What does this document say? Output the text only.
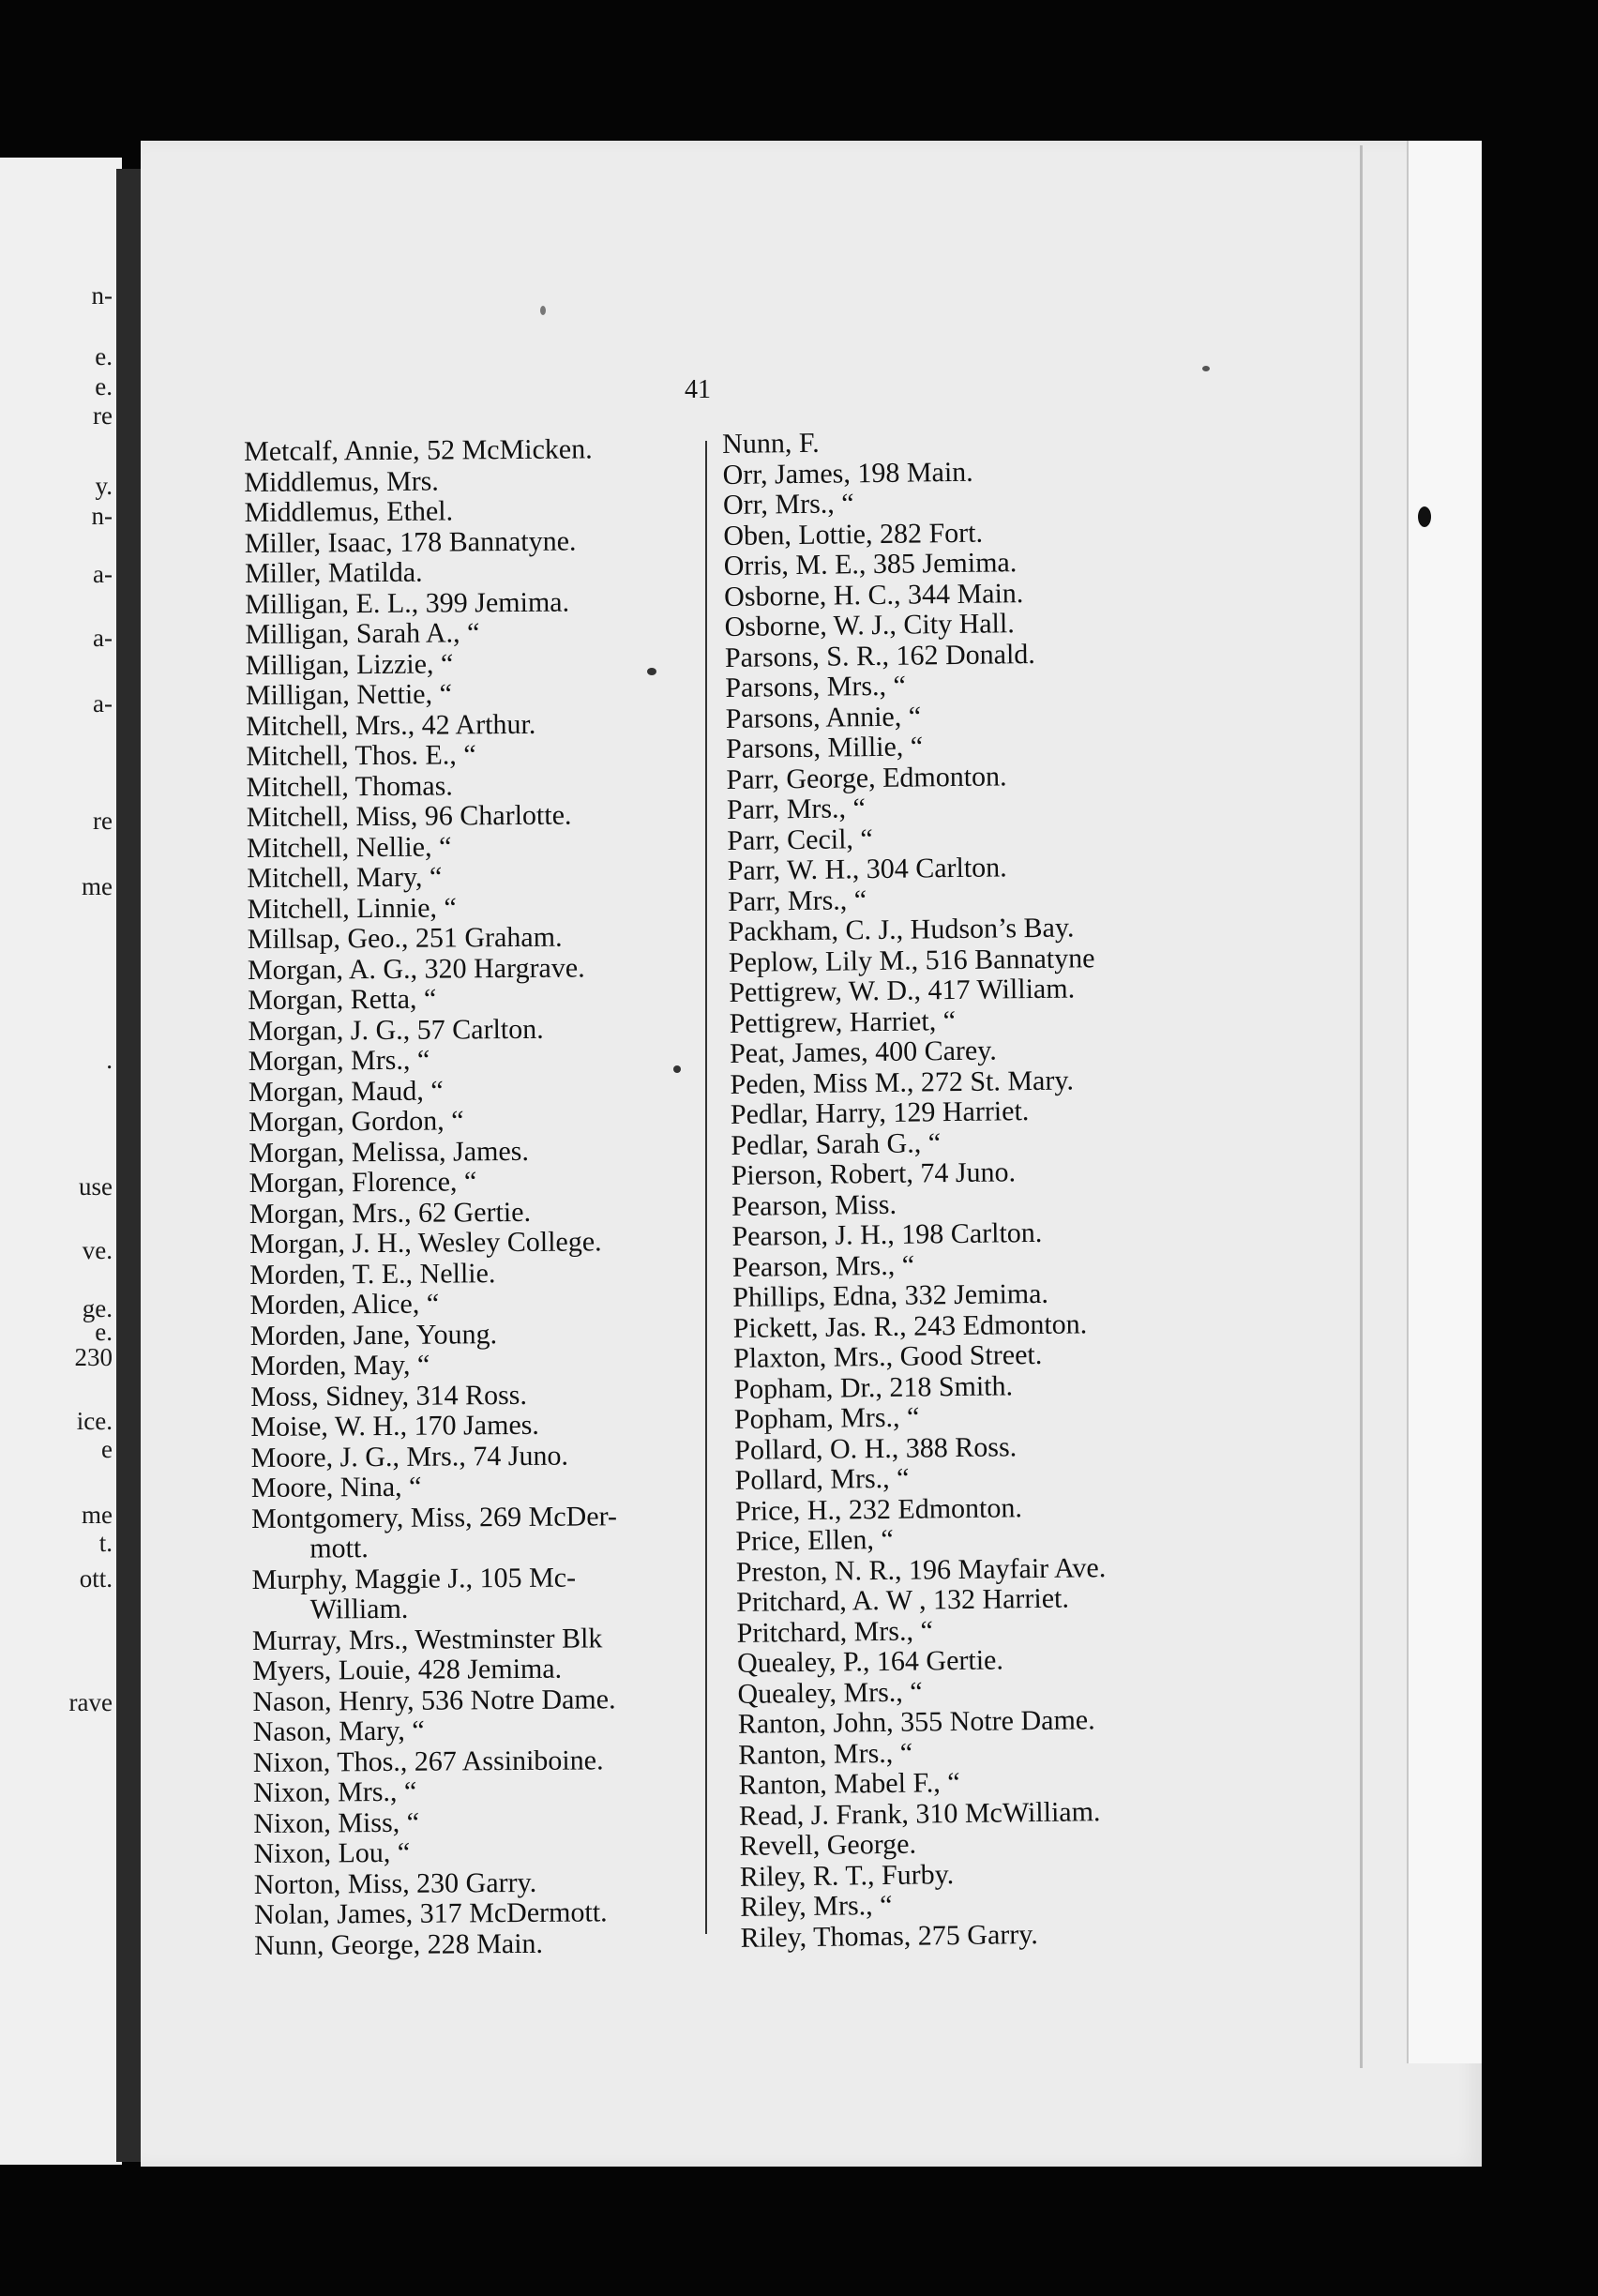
n-
e.
e.
re
y.
n-
a-
a-
a-
re
me
.
use
ve.
ge.
e.
230
ice.
e
me
t.
ott.
rave
41
Metcalf, Annie, 52 McMicken.
Middlemus, Mrs.
Middlemus, Ethel.
Miller, Isaac, 178 Bannatyne.
Miller, Matilda.
Milligan, E. L., 399 Jemima.
Milligan, Sarah A., “
Milligan, Lizzie, “
Milligan, Nettie, “
Mitchell, Mrs., 42 Arthur.
Mitchell, Thos. E., “
Mitchell, Thomas.
Mitchell, Miss, 96 Charlotte.
Mitchell, Nellie, “
Mitchell, Mary, “
Mitchell, Linnie, “
Millsap, Geo., 251 Graham.
Morgan, A. G., 320 Hargrave.
Morgan, Retta, “
Morgan, J. G., 57 Carlton.
Morgan, Mrs., “
Morgan, Maud, “
Morgan, Gordon, “
Morgan, Melissa, James.
Morgan, Florence, “
Morgan, Mrs., 62 Gertie.
Morgan, J. H., Wesley College.
Morden, T. E., Nellie.
Morden, Alice, “
Morden, Jane, Young.
Morden, May, “
Moss, Sidney, 314 Ross.
Moise, W. H., 170 James.
Moore, J. G., Mrs., 74 Juno.
Moore, Nina, “
Montgomery, Miss, 269 McDer-
mott.
Murphy, Maggie J., 105 Mc-
William.
Murray, Mrs., Westminster Blk
Myers, Louie, 428 Jemima.
Nason, Henry, 536 Notre Dame.
Nason, Mary, “
Nixon, Thos., 267 Assiniboine.
Nixon, Mrs., “
Nixon, Miss, “
Nixon, Lou, “
Norton, Miss, 230 Garry.
Nolan, James, 317 McDermott.
Nunn, George, 228 Main.
Nunn, F.
Orr, James, 198 Main.
Orr, Mrs., “
Oben, Lottie, 282 Fort.
Orris, M. E., 385 Jemima.
Osborne, H. C., 344 Main.
Osborne, W. J., City Hall.
Parsons, S. R., 162 Donald.
Parsons, Mrs., “
Parsons, Annie, “
Parsons, Millie, “
Parr, George, Edmonton.
Parr, Mrs., “
Parr, Cecil, “
Parr, W. H., 304 Carlton.
Parr, Mrs., “
Packham, C. J., Hudson’s Bay.
Peplow, Lily M., 516 Bannatyne
Pettigrew, W. D., 417 William.
Pettigrew, Harriet, “
Peat, James, 400 Carey.
Peden, Miss M., 272 St. Mary.
Pedlar, Harry, 129 Harriet.
Pedlar, Sarah G., “
Pierson, Robert, 74 Juno.
Pearson, Miss.
Pearson, J. H., 198 Carlton.
Pearson, Mrs., “
Phillips, Edna, 332 Jemima.
Pickett, Jas. R., 243 Edmonton.
Plaxton, Mrs., Good Street.
Popham, Dr., 218 Smith.
Popham, Mrs., “
Pollard, O. H., 388 Ross.
Pollard, Mrs., “
Price, H., 232 Edmonton.
Price, Ellen, “
Preston, N. R., 196 Mayfair Ave.
Pritchard, A. W , 132 Harriet.
Pritchard, Mrs., “
Quealey, P., 164 Gertie.
Quealey, Mrs., “
Ranton, John, 355 Notre Dame.
Ranton, Mrs., “
Ranton, Mabel F., “
Read, J. Frank, 310 McWilliam.
Revell, George.
Riley, R. T., Furby.
Riley, Mrs., “
Riley, Thomas, 275 Garry.
